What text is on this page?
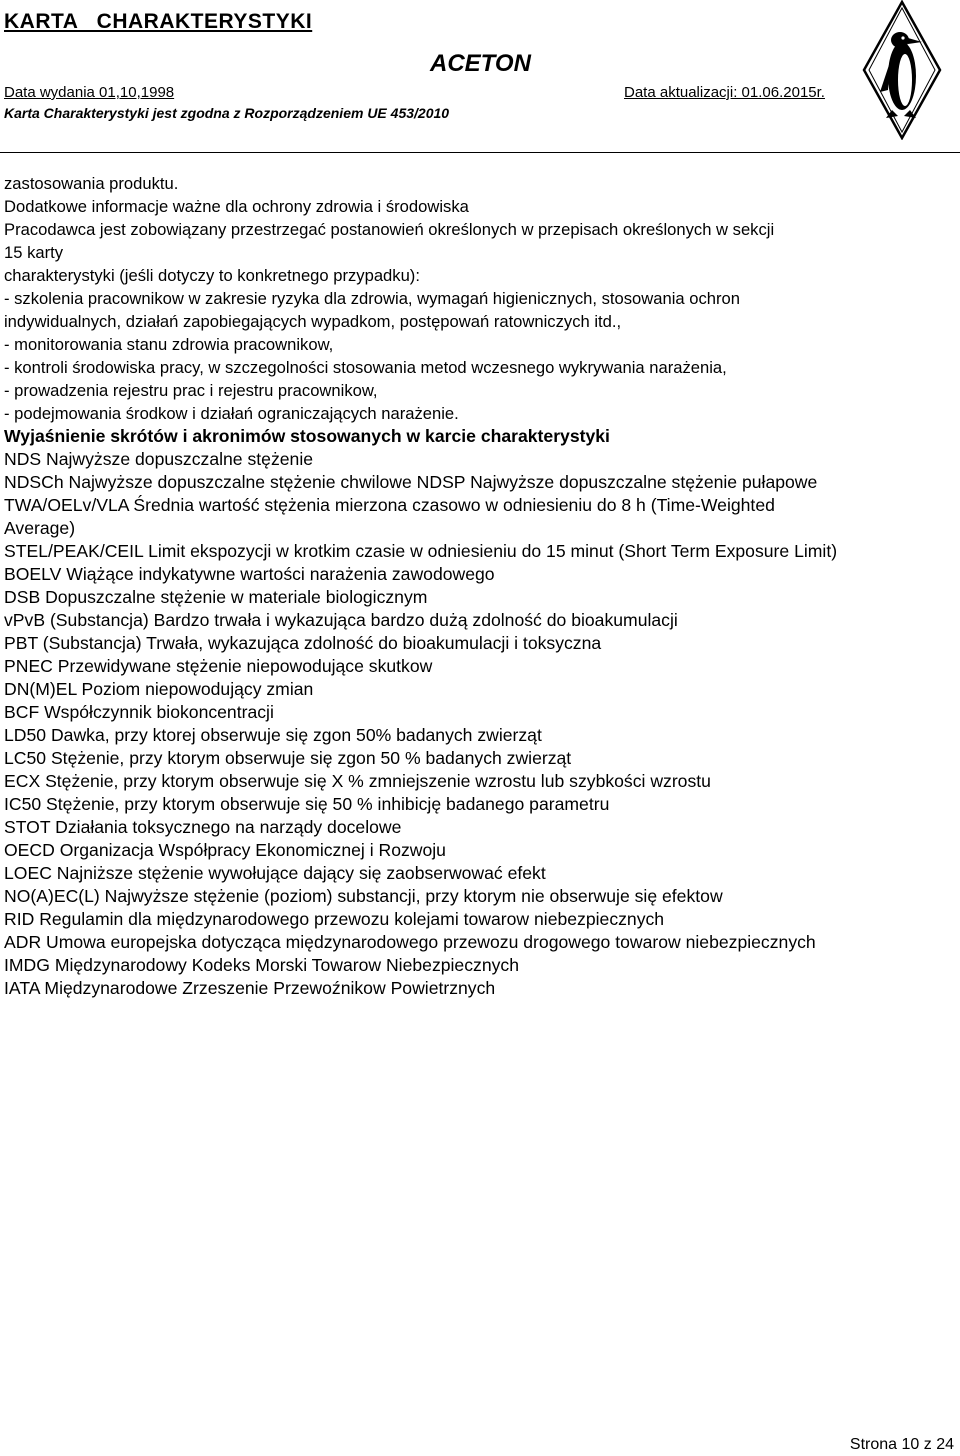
KARTA   CHARAKTERYSTYKI
ACETON
Data wydania 01,10,1998	Data aktualizacji: 01.06.2015r.
Karta Charakterystyki jest zgodna z Rozporządzeniem UE 453/2010
zastosowania produktu.
Dodatkowe informacje ważne dla ochrony zdrowia i środowiska
Pracodawca jest zobowiązany przestrzegać postanowień określonych w przepisach określonych w sekcji
15 karty
charakterystyki (jeśli dotyczy to konkretnego przypadku):
- szkolenia pracownikow w zakresie ryzyka dla zdrowia, wymagań higienicznych, stosowania ochron
indywidualnych, działań zapobiegających wypadkom, postępowań ratowniczych itd.,
- monitorowania stanu zdrowia pracownikow,
- kontroli środowiska pracy, w szczegolności stosowania metod wczesnego wykrywania narażenia,
- prowadzenia rejestru prac i rejestru pracownikow,
- podejmowania środkow i działań ograniczających narażenie.
Wyjaśnienie skrótów i akronimów stosowanych w karcie charakterystyki
NDS Najwyższe dopuszczalne stężenie
NDSCh Najwyższe dopuszczalne stężenie chwilowe NDSP Najwyższe dopuszczalne stężenie pułapowe
TWA/OELv/VLA Średnia wartość stężenia mierzona czasowo w odniesieniu do 8 h (Time-Weighted
Average)
STEL/PEAK/CEIL Limit ekspozycji w krotkim czasie w odniesieniu do 15 minut (Short Term Exposure Limit)
BOELV Wiążące indykatywne wartości narażenia zawodowego
DSB Dopuszczalne stężenie w materiale biologicznym
vPvB (Substancja) Bardzo trwała i wykazująca bardzo dużą zdolność do bioakumulacji
PBT (Substancja) Trwała, wykazująca zdolność do bioakumulacji i toksyczna
PNEC Przewidywane stężenie niepowodujące skutkow
DN(M)EL Poziom niepowodujący zmian
BCF Współczynnik biokoncentracji
LD50 Dawka, przy ktorej obserwuje się zgon 50% badanych zwierząt
LC50 Stężenie, przy ktorym obserwuje się zgon 50 % badanych zwierząt
ECX Stężenie, przy ktorym obserwuje się X % zmniejszenie wzrostu lub szybkości wzrostu
IC50 Stężenie, przy ktorym obserwuje się 50 % inhibicję badanego parametru
STOT Działania toksycznego na narządy docelowe
OECD Organizacja Współpracy Ekonomicznej i Rozwoju
LOEC Najniższe stężenie wywołujące dający się zaobserwować efekt
NO(A)EC(L) Najwyższe stężenie (poziom) substancji, przy ktorym nie obserwuje się efektow
RID Regulamin dla międzynarodowego przewozu kolejami towarow niebezpiecznych
ADR Umowa europejska dotycząca międzynarodowego przewozu drogowego towarow niebezpiecznych
IMDG Międzynarodowy Kodeks Morski Towarow Niebezpiecznych
IATA Międzynarodowe Zrzeszenie Przewoźnikow Powietrznych
Strona 10 z 24
